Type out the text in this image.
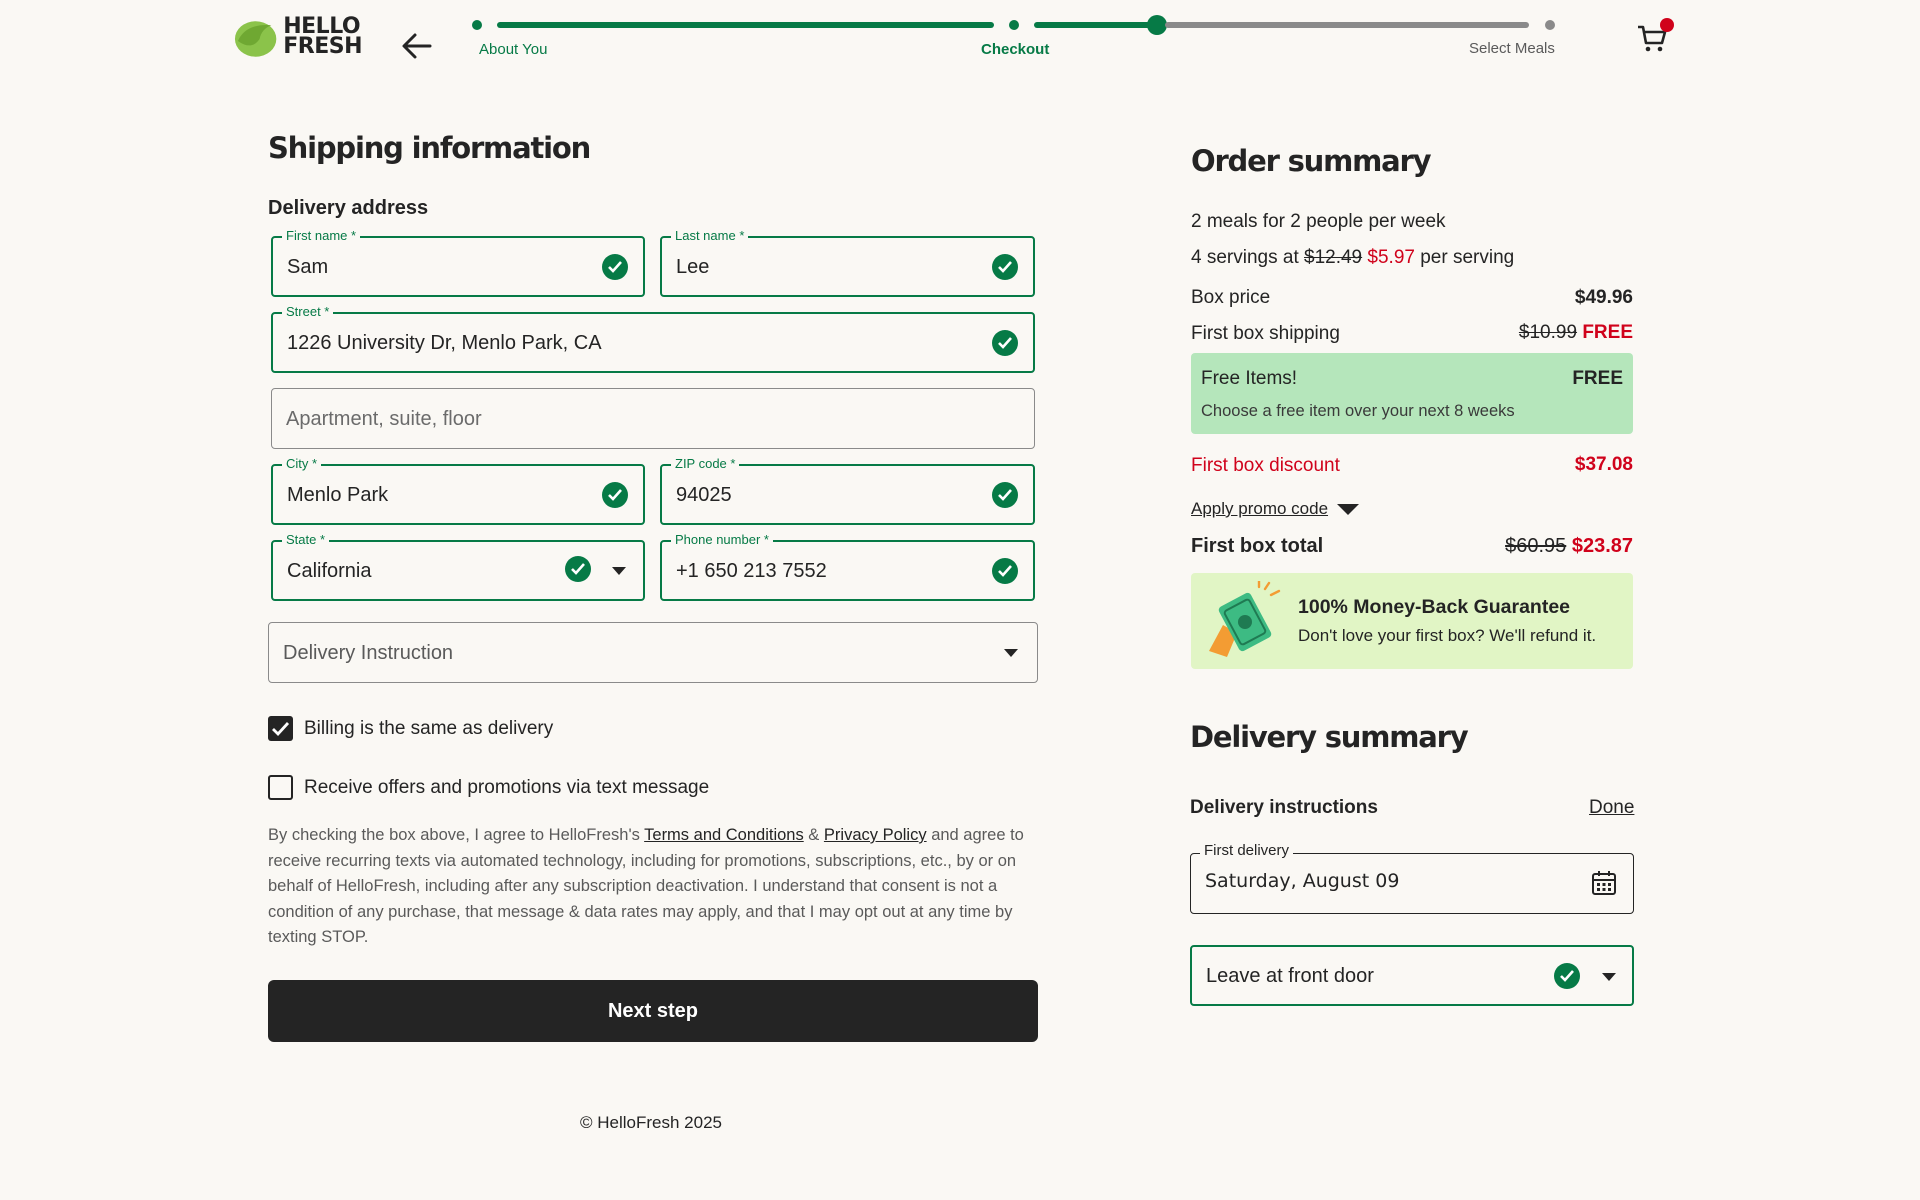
HELLO
FRESH	About You	Checkout	Select Meals
Shipping information
Delivery address
First name *
Sam	Last name *
Lee
Street *
1226 University Dr, Menlo Park, CA
Apartment, suite, floor
City *
Menlo Park	ZIP code *
94025
State *
California
Phone number *
+1 650 213 7552
Delivery Instruction
Billing is the same as delivery
Receive offers and promotions via text message
By checking the box above, I agree to HelloFresh's Terms and Conditions & Privacy Policy and agree to receive recurring texts via automated technology, including for promotions, subscriptions, etc., by or on behalf of HelloFresh, including after any subscription deactivation. I understand that consent is not a condition of any purchase, that message & data rates may apply, and that I may opt out at any time by texting STOP.
Next step
© HelloFresh 2025
Order summary
2 meals for 2 people per week
4 servings at $12.49 $5.97 per serving
Box price	$49.96
First box shipping	$10.99 FREE
Free Items!	FREE
Choose a free item over your next 8 weeks
First box discount	$37.08
Apply promo code
First box total	$60.95 $23.87
100% Money-Back Guarantee
Don't love your first box? We'll refund it.
Delivery summary
Delivery instructions	Done
First delivery
Saturday, August 09
Leave at front door
